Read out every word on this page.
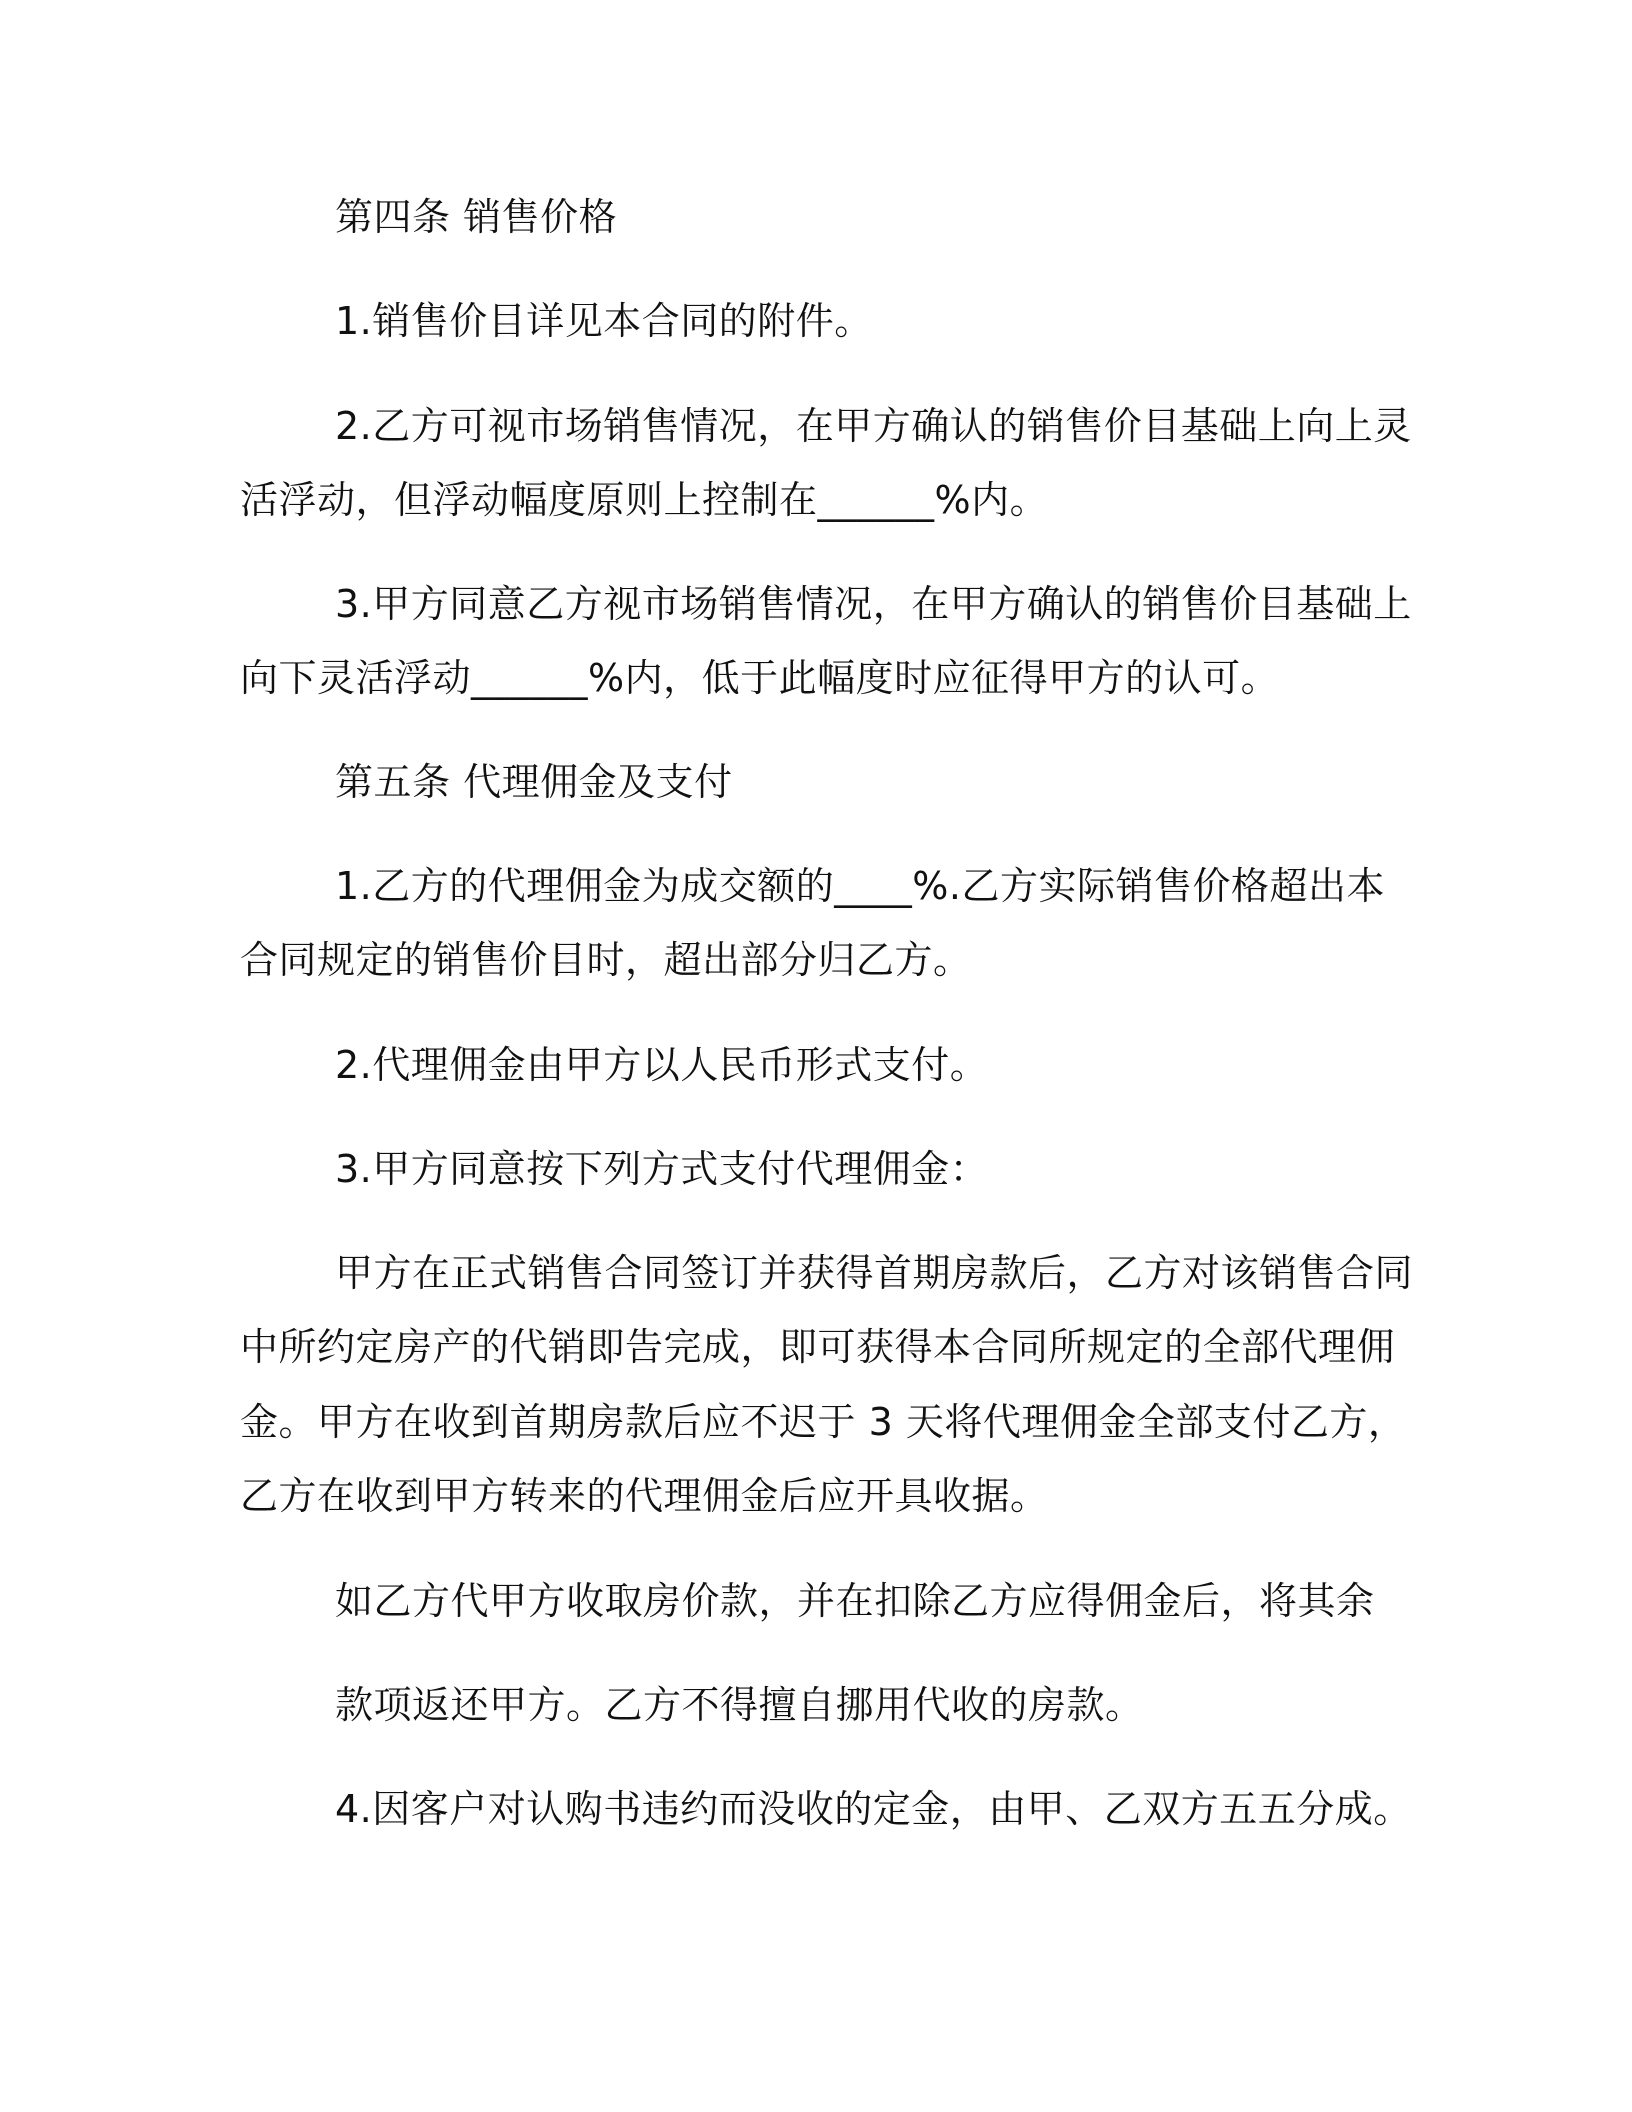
第四条 销售价格
1.销售价目详见本合同的附件。
2.乙方可视市场销售情况，在甲方确认的销售价目基础上向上灵
活浮动，但浮动幅度原则上控制在______%内。
3.甲方同意乙方视市场销售情况，在甲方确认的销售价目基础上
向下灵活浮动______%内，低于此幅度时应征得甲方的认可。
第五条 代理佣金及支付
1.乙方的代理佣金为成交额的____%.乙方实际销售价格超出本
合同规定的销售价目时，超出部分归乙方。
2.代理佣金由甲方以人民币形式支付。
3.甲方同意按下列方式支付代理佣金：
甲方在正式销售合同签订并获得首期房款后，乙方对该销售合同
中所约定房产的代销即告完成，即可获得本合同所规定的全部代理佣
金。甲方在收到首期房款后应不迟于 3 天将代理佣金全部支付乙方，
乙方在收到甲方转来的代理佣金后应开具收据。
如乙方代甲方收取房价款，并在扣除乙方应得佣金后，将其余
款项返还甲方。乙方不得擅自挪用代收的房款。
4.因客户对认购书违约而没收的定金，由甲、乙双方五五分成。
